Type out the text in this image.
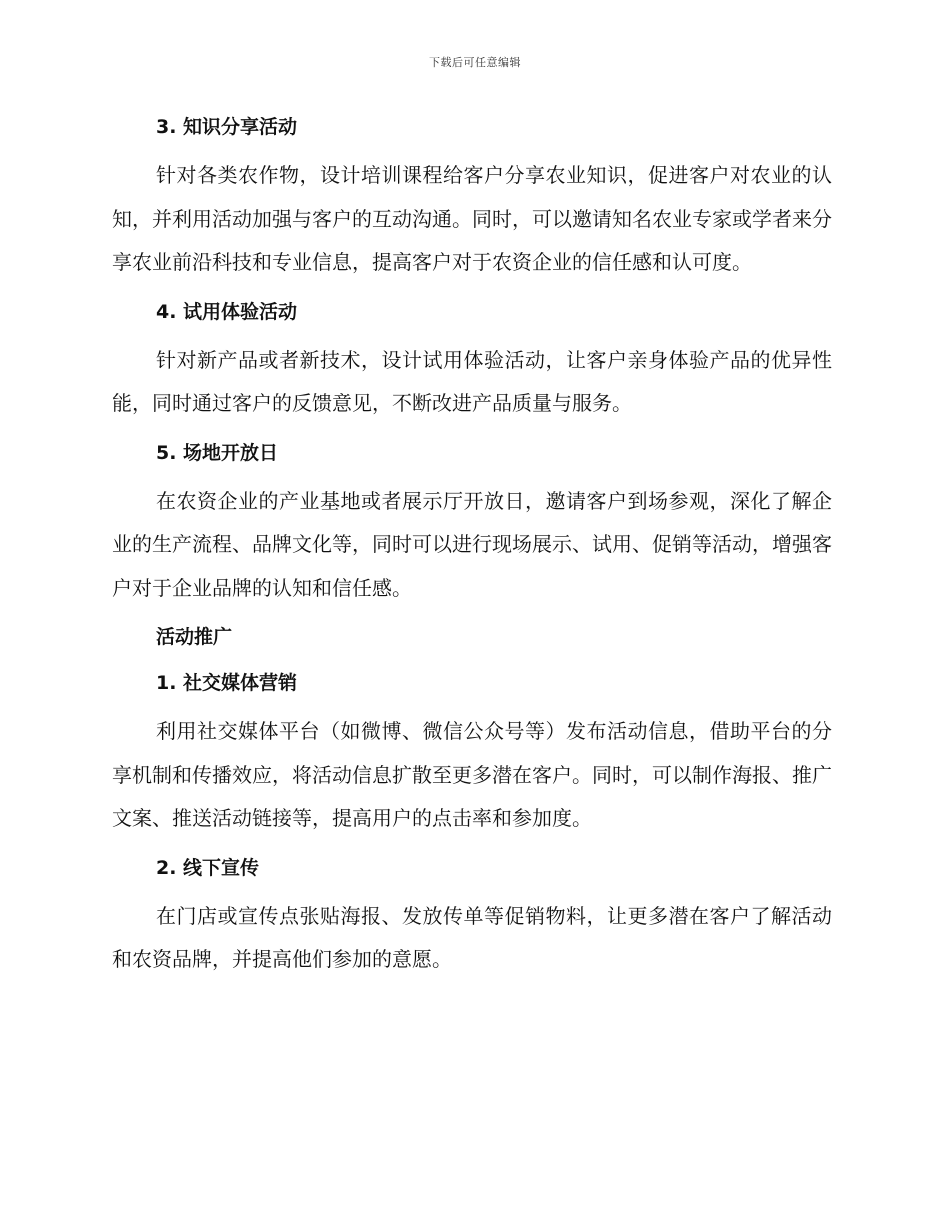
下载后可任意编辑
3. 知识分享活动

针对各类农作物，设计培训课程给客户分享农业知识，促进客户对农业的认知，并利用活动加强与客户的互动沟通。同时，可以邀请知名农业专家或学者来分享农业前沿科技和专业信息，提高客户对于农资企业的信任感和认可度。

4. 试用体验活动

针对新产品或者新技术，设计试用体验活动，让客户亲身体验产品的优异性能，同时通过客户的反馈意见，不断改进产品质量与服务。

5. 场地开放日

在农资企业的产业基地或者展示厅开放日，邀请客户到场参观，深化了解企业的生产流程、品牌文化等，同时可以进行现场展示、试用、促销等活动，增强客户对于企业品牌的认知和信任感。

活动推广
1. 社交媒体营销

利用社交媒体平台（如微博、微信公众号等）发布活动信息，借助平台的分享机制和传播效应，将活动信息扩散至更多潜在客户。同时，可以制作海报、推广文案、推送活动链接等，提高用户的点击率和参加度。

2. 线下宣传

在门店或宣传点张贴海报、发放传单等促销物料，让更多潜在客户了解活动和农资品牌，并提高他们参加的意愿。
